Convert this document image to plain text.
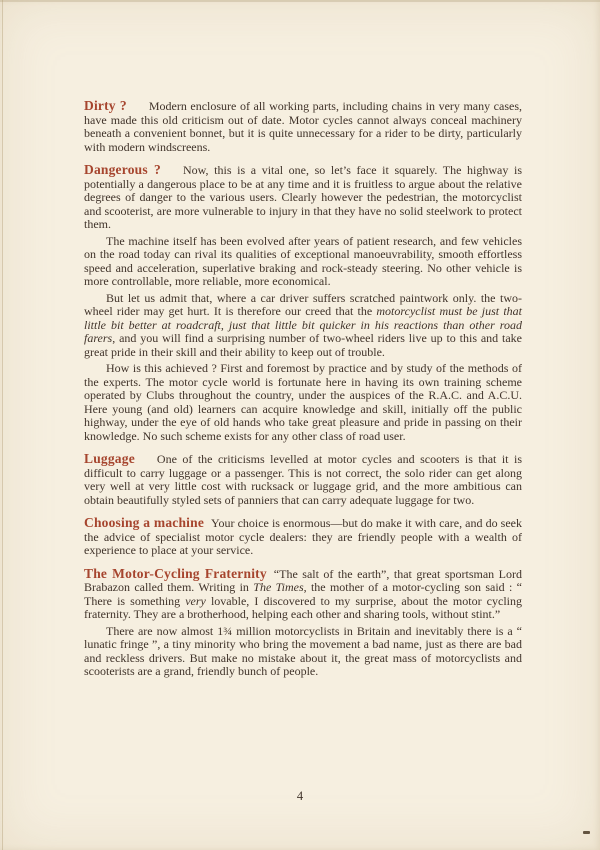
Dirty ? Modern enclosure of all working parts, including chains in very many cases, have made this old criticism out of date. Motor cycles cannot always conceal machinery beneath a convenient bonnet, but it is quite unnecessary for a rider to be dirty, particularly with modern windscreens.

Dangerous ? Now, this is a vital one, so let’s face it squarely. The highway is potentially a dangerous place to be at any time and it is fruitless to argue about the relative degrees of danger to the various users. Clearly however the pedestrian, the motorcyclist and scooterist, are more vulnerable to injury in that they have no solid steelwork to protect them.

The machine itself has been evolved after years of patient research, and few vehicles on the road today can rival its qualities of exceptional manoeuvrability, smooth effortless speed and acceleration, superlative braking and rock-steady steering. No other vehicle is more controllable, more reliable, more economical.

But let us admit that, where a car driver suffers scratched paintwork only. the two-wheel rider may get hurt. It is therefore our creed that the motorcyclist must be just that little bit better at roadcraft, just that little bit quicker in his reactions than other road farers, and you will find a surprising number of two-wheel riders live up to this and take great pride in their skill and their ability to keep out of trouble.

How is this achieved ? First and foremost by practice and by study of the methods of the experts. The motor cycle world is fortunate here in having its own training scheme operated by Clubs throughout the country, under the auspices of the R.A.C. and A.C.U. Here young (and old) learners can acquire knowledge and skill, initially off the public highway, under the eye of old hands who take great pleasure and pride in passing on their knowledge. No such scheme exists for any other class of road user.

Luggage One of the criticisms levelled at motor cycles and scooters is that it is difficult to carry luggage or a passenger. This is not correct, the solo rider can get along very well at very little cost with rucksack or luggage grid, and the more ambitious can obtain beautifully styled sets of panniers that can carry adequate luggage for two.

Choosing a machine Your choice is enormous—but do make it with care, and do seek the advice of specialist motor cycle dealers: they are friendly people with a wealth of experience to place at your service.

The Motor-Cycling Fraternity “The salt of the earth”, that great sportsman Lord Brabazon called them. Writing in The Times, the mother of a motor-cycling son said : “ There is something very lovable, I discovered to my surprise, about the motor cycling fraternity. They are a brotherhood, helping each other and sharing tools, without stint.”

There are now almost 1¾ million motorcyclists in Britain and inevitably there is a “ lunatic fringe ”, a tiny minority who bring the movement a bad name, just as there are bad and reckless drivers. But make no mistake about it, the great mass of motorcyclists and scooterists are a grand, friendly bunch of people.

4
